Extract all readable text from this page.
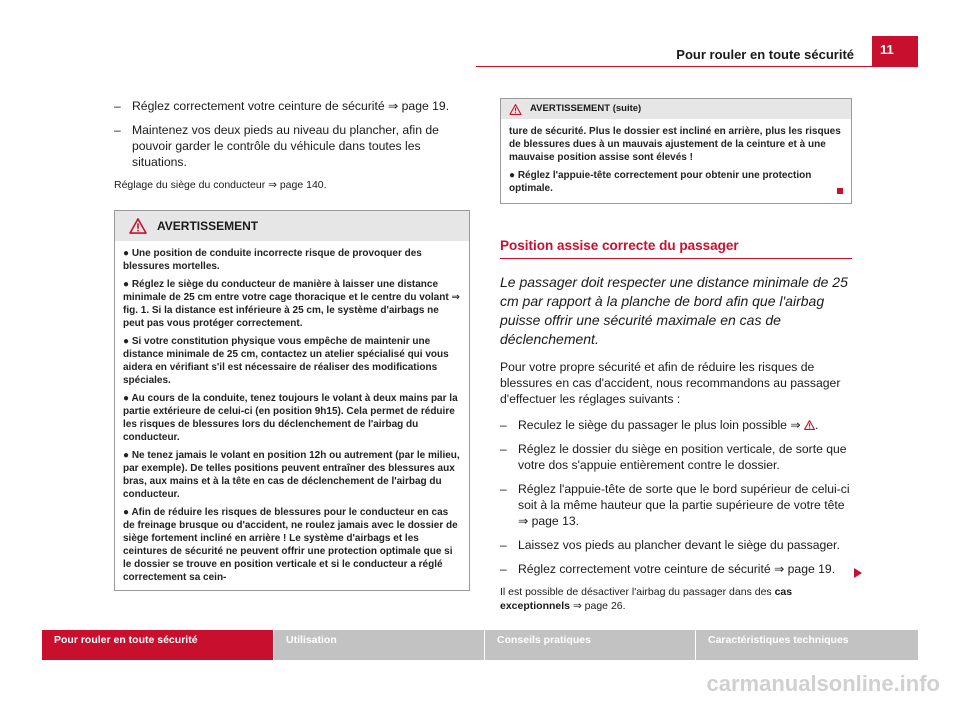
Pour rouler en toute sécurité	11
– Réglez correctement votre ceinture de sécurité ⇒ page 19.
– Maintenez vos deux pieds au niveau du plancher, afin de pouvoir garder le contrôle du véhicule dans toutes les situations.
Réglage du siège du conducteur ⇒ page 140.
AVERTISSEMENT

● Une position de conduite incorrecte risque de provoquer des blessures mortelles.

● Réglez le siège du conducteur de manière à laisser une distance minimale de 25 cm entre votre cage thoracique et le centre du volant ⇒ fig. 1. Si la distance est inférieure à 25 cm, le système d'airbags ne peut pas vous protéger correctement.

● Si votre constitution physique vous empêche de maintenir une distance minimale de 25 cm, contactez un atelier spécialisé qui vous aidera en vérifiant s'il est nécessaire de réaliser des modifications spéciales.

● Au cours de la conduite, tenez toujours le volant à deux mains par la partie extérieure de celui-ci (en position 9h15). Cela permet de réduire les risques de blessures lors du déclenchement de l'airbag du conducteur.

● Ne tenez jamais le volant en position 12h ou autrement (par le milieu, par exemple). De telles positions peuvent entraîner des blessures aux bras, aux mains et à la tête en cas de déclenchement de l'airbag du conducteur.

● Afin de réduire les risques de blessures pour le conducteur en cas de freinage brusque ou d'accident, ne roulez jamais avec le dossier de siège fortement incliné en arrière ! Le système d'airbags et les ceintures de sécurité ne peuvent offrir une protection optimale que si le dossier se trouve en position verticale et si le conducteur a réglé correctement sa cein-

AVERTISSEMENT (suite)

ture de sécurité. Plus le dossier est incliné en arrière, plus les risques de blessures dues à un mauvais ajustement de la ceinture et à une mauvaise position assise sont élevés !

● Réglez l'appuie-tête correctement pour obtenir une protection optimale.

Position assise correcte du passager
Le passager doit respecter une distance minimale de 25 cm par rapport à la planche de bord afin que l'airbag puisse offrir une sécurité maximale en cas de déclenchement.
Pour votre propre sécurité et afin de réduire les risques de blessures en cas d'accident, nous recommandons au passager d'effectuer les réglages suivants :
– Reculez le siège du passager le plus loin possible ⇒ .
– Réglez le dossier du siège en position verticale, de sorte que votre dos s'appuie entièrement contre le dossier.
– Réglez l'appuie-tête de sorte que le bord supérieur de celui-ci soit à la même hauteur que la partie supérieure de votre tête ⇒ page 13.
– Laissez vos pieds au plancher devant le siège du passager.
– Réglez correctement votre ceinture de sécurité ⇒ page 19.
Il est possible de désactiver l'airbag du passager dans des cas exceptionnels ⇒ page 26.
Pour rouler en toute sécurité	Utilisation	Conseils pratiques	Caractéristiques techniques
carmanualsonline.info
